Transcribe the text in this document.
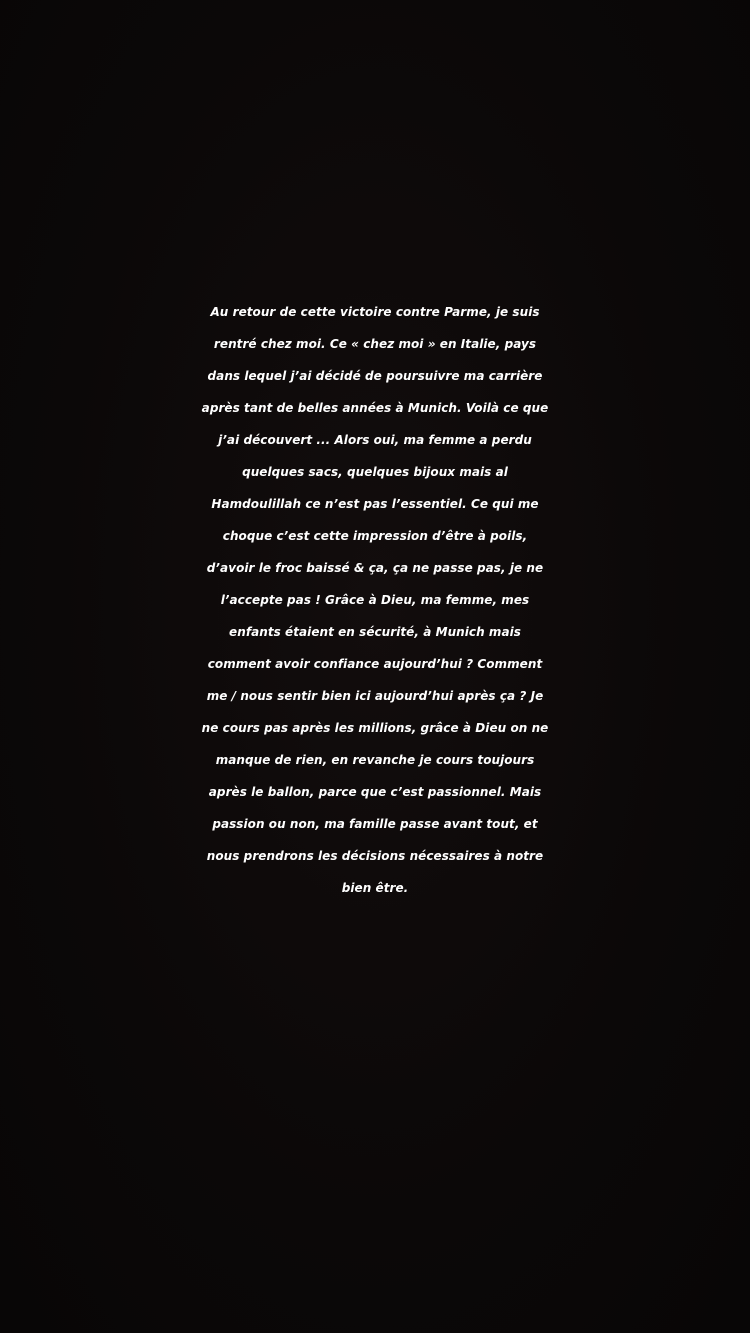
Au retour de cette victoire contre Parme, je suis
rentré chez moi. Ce « chez moi » en Italie, pays
dans lequel j’ai décidé de poursuivre ma carrière
après tant de belles années à Munich. Voilà ce que
j’ai découvert ... Alors oui, ma femme a perdu
quelques sacs, quelques bijoux mais al
Hamdoulillah ce n’est pas l’essentiel. Ce qui me
choque c’est cette impression d’être à poils,
d’avoir le froc baissé & ça, ça ne passe pas, je ne
l’accepte pas ! Grâce à Dieu, ma femme, mes
enfants étaient en sécurité, à Munich mais
comment avoir confiance aujourd’hui ? Comment
me / nous sentir bien ici aujourd’hui après ça ? Je
ne cours pas après les millions, grâce à Dieu on ne
manque de rien, en revanche je cours toujours
après le ballon, parce que c’est passionnel. Mais
passion ou non, ma famille passe avant tout, et
nous prendrons les décisions nécessaires à notre
bien être.
